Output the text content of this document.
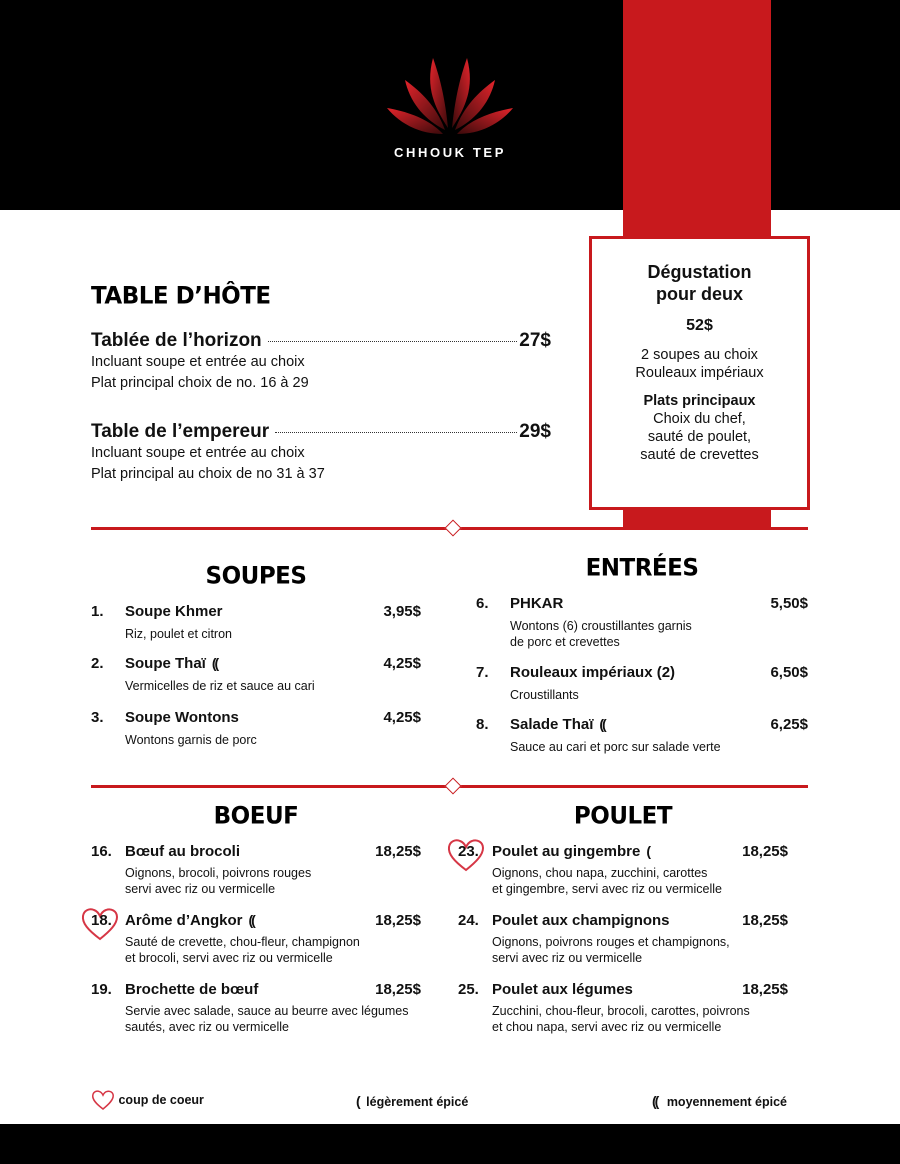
CHHOUK TEP
TABLE D’HÔTE
Tablée de l’horizon	27$
Incluant soupe et entrée au choix
Plat principal choix de no. 16 à 29
Table de l’empereur	29$
Incluant soupe et entrée au choix
Plat principal au choix de no 31 à 37
Dégustation
pour deux
52$
2 soupes au choix
Rouleaux impériaux
Plats principaux
Choix du chef,
sauté de poulet,
sauté de crevettes
SOUPES
1. Soupe Khmer	3,95$
Riz, poulet et citron
2. Soupe Thaï ((	4,25$
Vermicelles de riz et sauce au cari
3. Soupe Wontons	4,25$
Wontons garnis de porc
ENTRÉES
6. PHKAR	5,50$
Wontons (6) croustillantes garnis
de porc et crevettes
7. Rouleaux impériaux (2)	6,50$
Croustillants
8. Salade Thaï ((	6,25$
Sauce au cari et porc sur salade verte
BOEUF
16. Bœuf au brocoli	18,25$
Oignons, brocoli, poivrons rouges
servi avec riz ou vermicelle
18. Arôme d’Angkor ((	18,25$
Sauté de crevette, chou-fleur, champignon
et brocoli, servi avec riz ou vermicelle
19. Brochette de bœuf	18,25$
Servie avec salade, sauce au beurre avec légumes
sautés, avec riz ou vermicelle
POULET
23. Poulet au gingembre (	18,25$
Oignons, chou napa, zucchini, carottes
et gingembre, servi avec riz ou vermicelle
24. Poulet aux champignons	18,25$
Oignons, poivrons rouges et champignons,
servi avec riz ou vermicelle
25. Poulet aux légumes	18,25$
Zucchini, chou-fleur, brocoli, carottes, poivrons
et chou napa, servi avec riz ou vermicelle
coup de coeur	( légèrement épicé	(( moyennement épicé
